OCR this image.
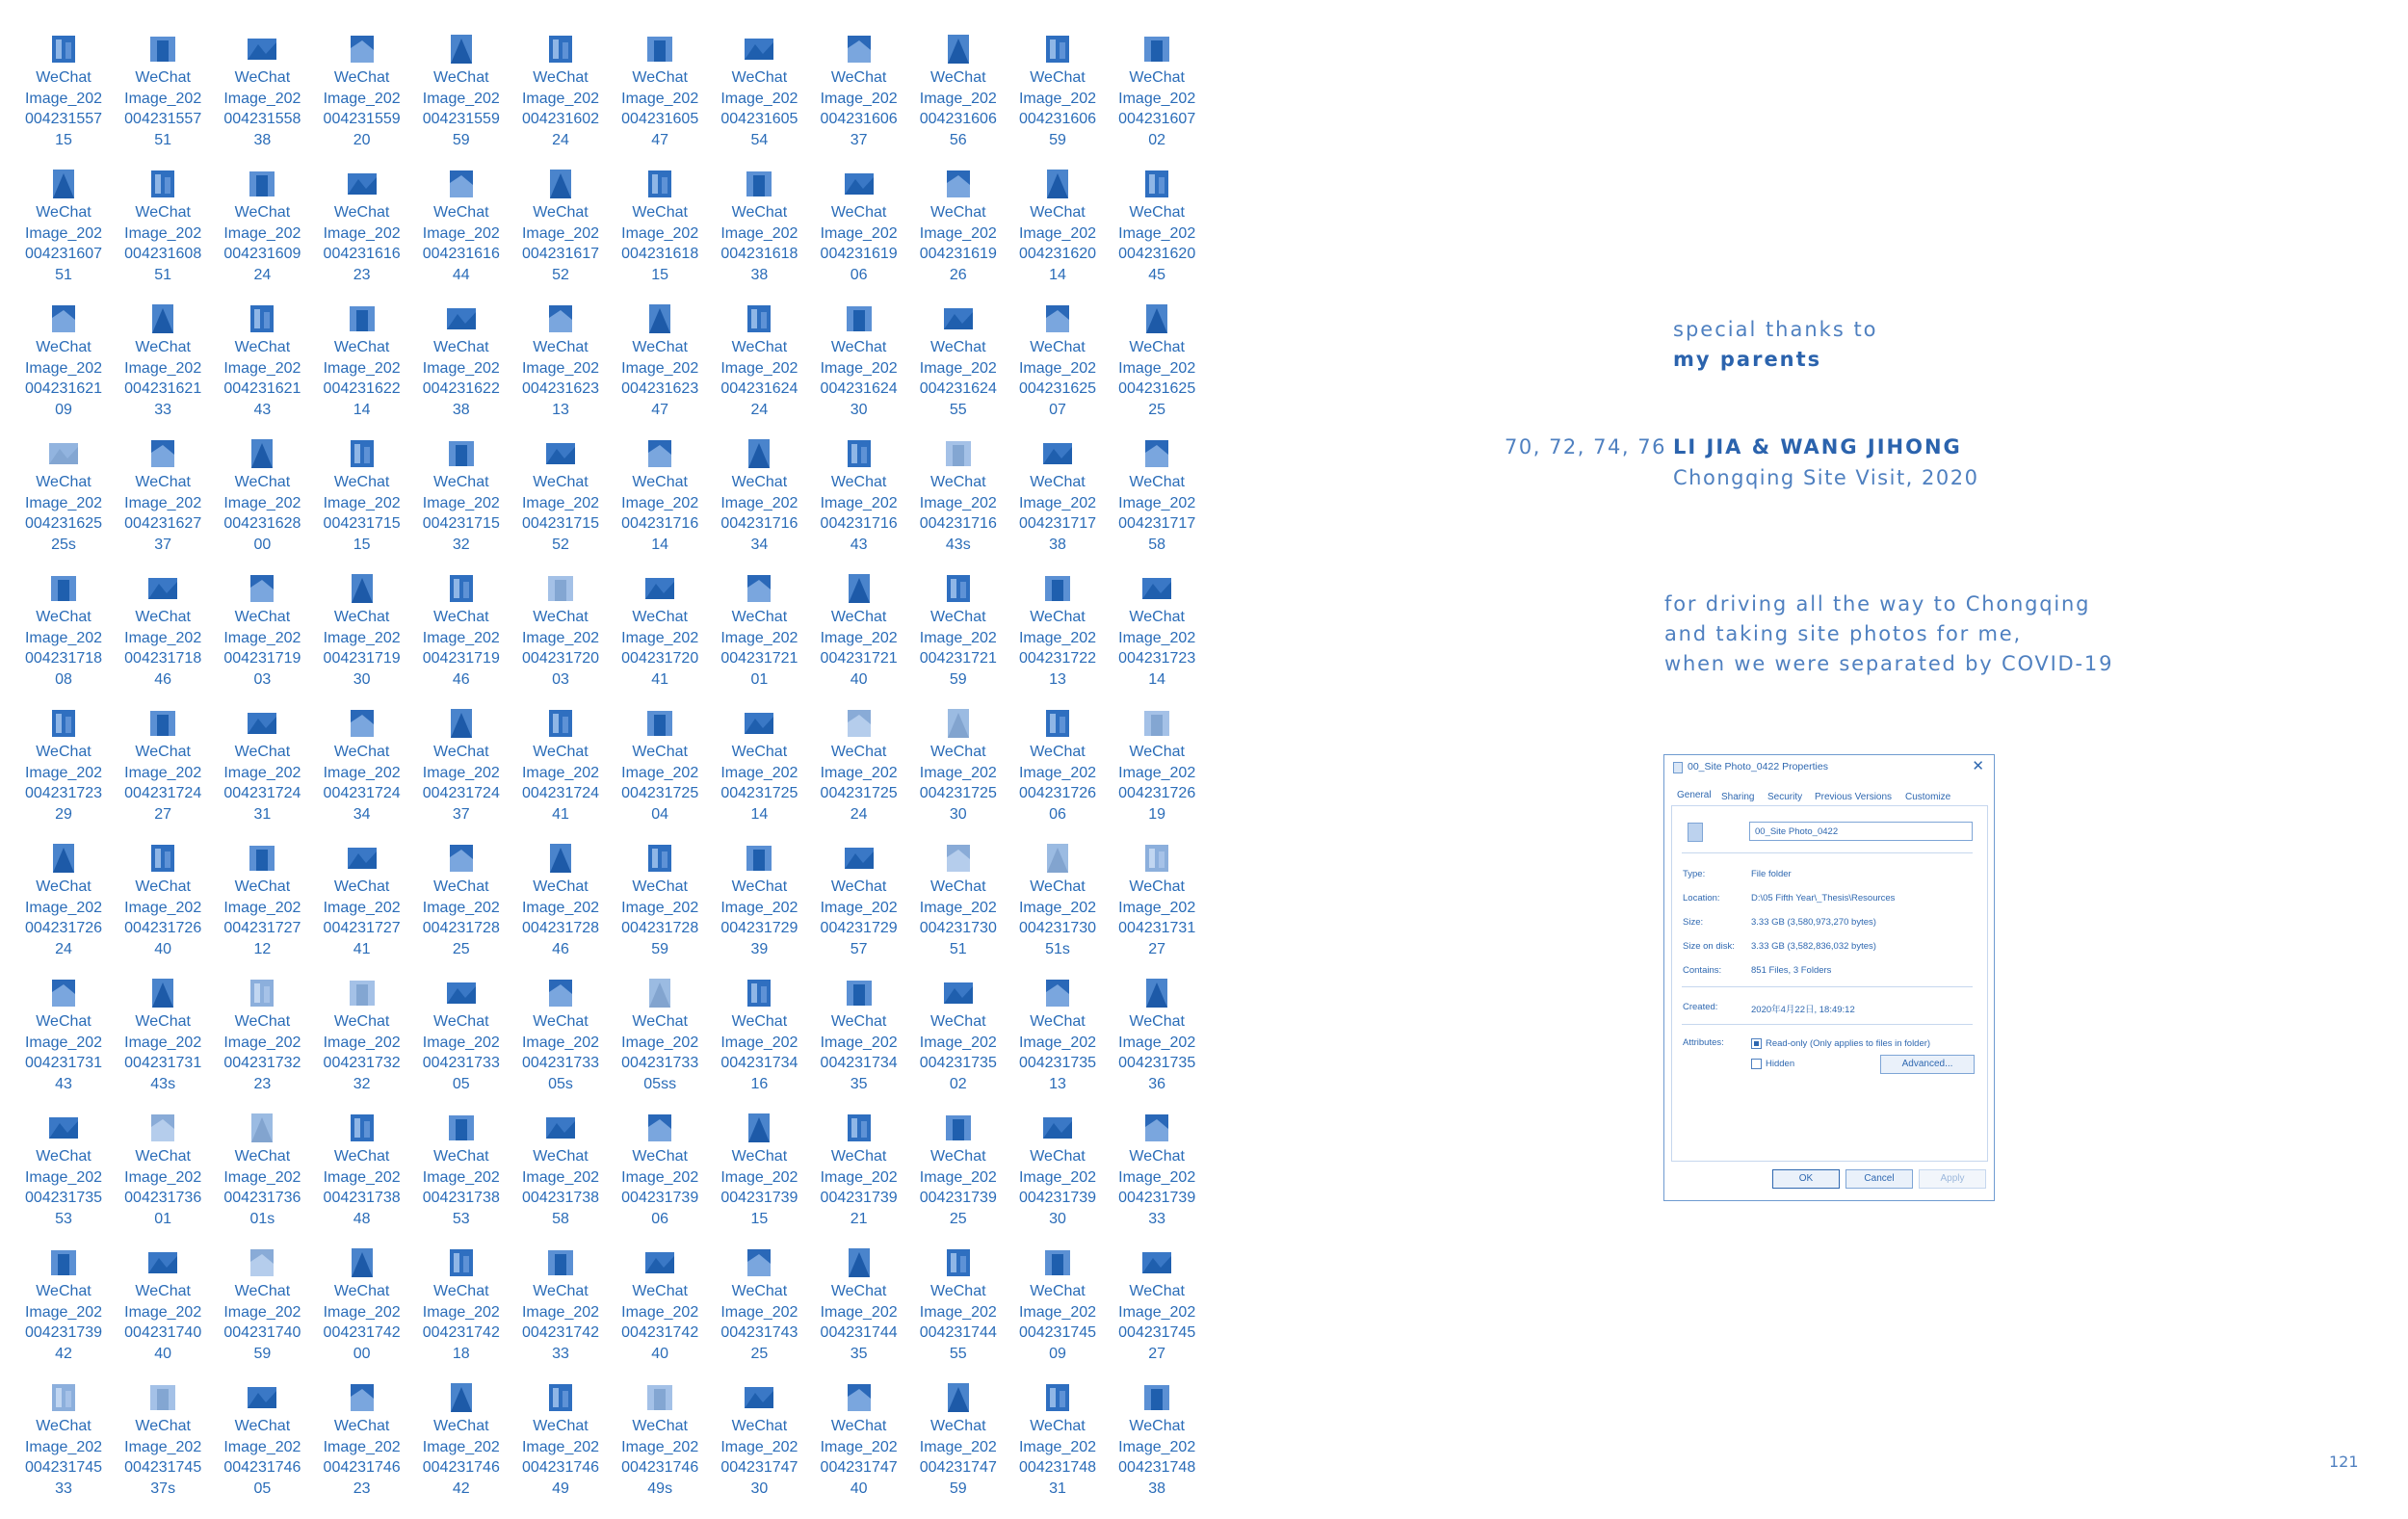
WeChat
Image_202
004231557
15
WeChat
Image_202
004231557
51
WeChat
Image_202
004231558
38
WeChat
Image_202
004231559
20
WeChat
Image_202
004231559
59
WeChat
Image_202
004231602
24
WeChat
Image_202
004231605
47
WeChat
Image_202
004231605
54
WeChat
Image_202
004231606
37
WeChat
Image_202
004231606
56
WeChat
Image_202
004231606
59
WeChat
Image_202
004231607
02
WeChat
Image_202
004231607
51
WeChat
Image_202
004231608
51
WeChat
Image_202
004231609
24
WeChat
Image_202
004231616
23
WeChat
Image_202
004231616
44
WeChat
Image_202
004231617
52
WeChat
Image_202
004231618
15
WeChat
Image_202
004231618
38
WeChat
Image_202
004231619
06
WeChat
Image_202
004231619
26
WeChat
Image_202
004231620
14
WeChat
Image_202
004231620
45
WeChat
Image_202
004231621
09
WeChat
Image_202
004231621
33
WeChat
Image_202
004231621
43
WeChat
Image_202
004231622
14
WeChat
Image_202
004231622
38
WeChat
Image_202
004231623
13
WeChat
Image_202
004231623
47
WeChat
Image_202
004231624
24
WeChat
Image_202
004231624
30
WeChat
Image_202
004231624
55
WeChat
Image_202
004231625
07
WeChat
Image_202
004231625
25
WeChat
Image_202
004231625
25s
WeChat
Image_202
004231627
37
WeChat
Image_202
004231628
00
WeChat
Image_202
004231715
15
WeChat
Image_202
004231715
32
WeChat
Image_202
004231715
52
WeChat
Image_202
004231716
14
WeChat
Image_202
004231716
34
WeChat
Image_202
004231716
43
WeChat
Image_202
004231716
43s
WeChat
Image_202
004231717
38
WeChat
Image_202
004231717
58
WeChat
Image_202
004231718
08
WeChat
Image_202
004231718
46
WeChat
Image_202
004231719
03
WeChat
Image_202
004231719
30
WeChat
Image_202
004231719
46
WeChat
Image_202
004231720
03
WeChat
Image_202
004231720
41
WeChat
Image_202
004231721
01
WeChat
Image_202
004231721
40
WeChat
Image_202
004231721
59
WeChat
Image_202
004231722
13
WeChat
Image_202
004231723
14
WeChat
Image_202
004231723
29
WeChat
Image_202
004231724
27
WeChat
Image_202
004231724
31
WeChat
Image_202
004231724
34
WeChat
Image_202
004231724
37
WeChat
Image_202
004231724
41
WeChat
Image_202
004231725
04
WeChat
Image_202
004231725
14
WeChat
Image_202
004231725
24
WeChat
Image_202
004231725
30
WeChat
Image_202
004231726
06
WeChat
Image_202
004231726
19
WeChat
Image_202
004231726
24
WeChat
Image_202
004231726
40
WeChat
Image_202
004231727
12
WeChat
Image_202
004231727
41
WeChat
Image_202
004231728
25
WeChat
Image_202
004231728
46
WeChat
Image_202
004231728
59
WeChat
Image_202
004231729
39
WeChat
Image_202
004231729
57
WeChat
Image_202
004231730
51
WeChat
Image_202
004231730
51s
WeChat
Image_202
004231731
27
WeChat
Image_202
004231731
43
WeChat
Image_202
004231731
43s
WeChat
Image_202
004231732
23
WeChat
Image_202
004231732
32
WeChat
Image_202
004231733
05
WeChat
Image_202
004231733
05s
WeChat
Image_202
004231733
05ss
WeChat
Image_202
004231734
16
WeChat
Image_202
004231734
35
WeChat
Image_202
004231735
02
WeChat
Image_202
004231735
13
WeChat
Image_202
004231735
36
WeChat
Image_202
004231735
53
WeChat
Image_202
004231736
01
WeChat
Image_202
004231736
01s
WeChat
Image_202
004231738
48
WeChat
Image_202
004231738
53
WeChat
Image_202
004231738
58
WeChat
Image_202
004231739
06
WeChat
Image_202
004231739
15
WeChat
Image_202
004231739
21
WeChat
Image_202
004231739
25
WeChat
Image_202
004231739
30
WeChat
Image_202
004231739
33
WeChat
Image_202
004231739
42
WeChat
Image_202
004231740
40
WeChat
Image_202
004231740
59
WeChat
Image_202
004231742
00
WeChat
Image_202
004231742
18
WeChat
Image_202
004231742
33
WeChat
Image_202
004231742
40
WeChat
Image_202
004231743
25
WeChat
Image_202
004231744
35
WeChat
Image_202
004231744
55
WeChat
Image_202
004231745
09
WeChat
Image_202
004231745
27
WeChat
Image_202
004231745
33
WeChat
Image_202
004231745
37s
WeChat
Image_202
004231746
05
WeChat
Image_202
004231746
23
WeChat
Image_202
004231746
42
WeChat
Image_202
004231746
49
WeChat
Image_202
004231746
49s
WeChat
Image_202
004231747
30
WeChat
Image_202
004231747
40
WeChat
Image_202
004231747
59
WeChat
Image_202
004231748
31
WeChat
Image_202
004231748
38
special thanks to
my parents
70, 72, 74, 76 LI JIA & WANG JIHONG
Chongqing Site Visit, 2020
for driving all the way to Chongqing
and taking site photos for me,
when we were separated by COVID-19
00_Site Photo_0422 Properties	✕
General Sharing Security Previous Versions Customize
00_Site Photo_0422
Type:	File folder
Location:	D:\05 Fifth Year\_Thesis\Resources
Size:	3.33 GB (3,580,973,270 bytes)
Size on disk: 3.33 GB (3,582,836,032 bytes)
Contains:	851 Files, 3 Folders
Created:	2020年4月22日, 18:49:12
Attributes:	Read-only (Only applies to files in folder)
Hidden	Advanced...
OK	Cancel	Apply
121
